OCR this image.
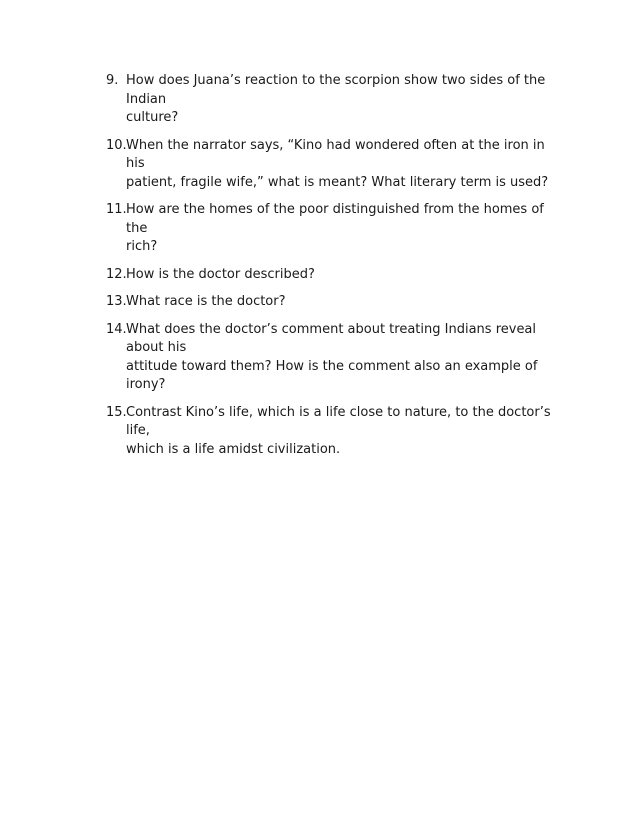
9. How does Juana’s reaction to the scorpion show two sides of the Indian
culture?
10. When the narrator says, “Kino had wondered often at the iron in his
patient, fragile wife,” what is meant? What literary term is used?
11. How are the homes of the poor distinguished from the homes of the
rich?
12. How is the doctor described?
13. What race is the doctor?
14. What does the doctor’s comment about treating Indians reveal about his
attitude toward them? How is the comment also an example of irony?
15. Contrast Kino’s life, which is a life close to nature, to the doctor’s life,
which is a life amidst civilization.
